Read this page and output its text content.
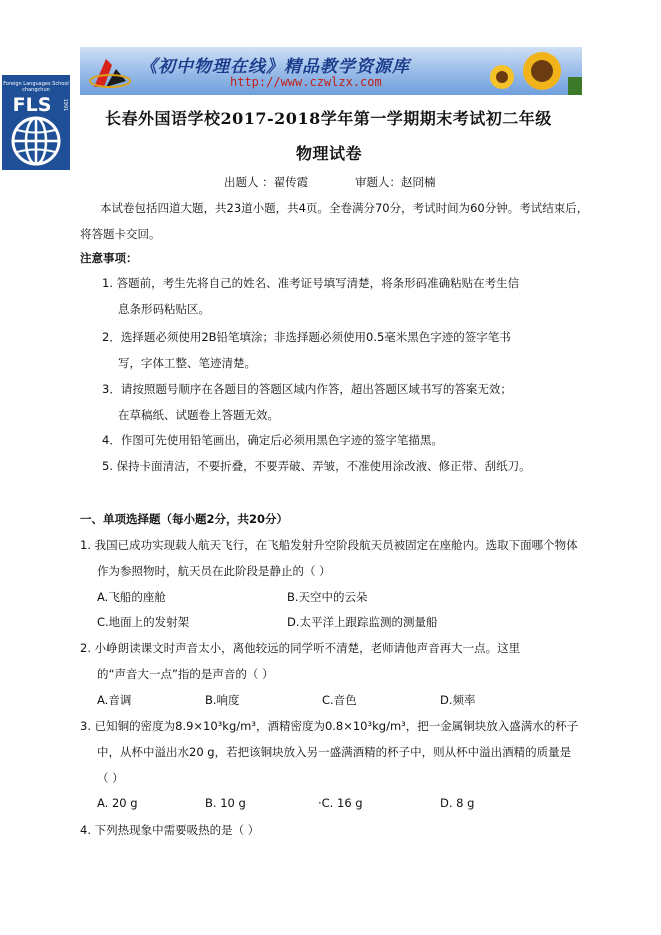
《初中物理在线》精品教学资源库
http://www.czwlzx.com
Foreign Languages School
changchun
FLS 1991
长春外国语学校2017-2018学年第一学期期末考试初二年级
物理试卷
出题人 ：翟传霞	审题人：赵冏楠
本试卷包括四道大题，共23道小题，共4页。全卷满分70分，考试时间为60分钟。考试结束后，
将答题卡交回。
注意事项：
1. 答题前，考生先将自己的姓名、准考证号填写清楚，将条形码准确粘贴在考生信
息条形码粘贴区。
2．选择题必须使用2B铅笔填涂；非选择题必须使用0.5毫米黑色字迹的签字笔书
写，字体工整、笔迹清楚。
3．请按照题号顺序在各题目的答题区域内作答，超出答题区域书写的答案无效；
在草稿纸、试题卷上答题无效。
4．作图可先使用铅笔画出，确定后必须用黑色字迹的签字笔描黑。
5. 保持卡面清洁，不要折叠，不要弄破、弄皱，不准使用涂改液、修正带、刮纸刀。
一、单项选择题（每小题2分，共20分）
1. 我国已成功实现载人航天飞行，在飞船发射升空阶段航天员被固定在座舱内。选取下面哪个物体
作为参照物时，航天员在此阶段是静止的（ ）
A.飞船的座舱	B.天空中的云朵
C.地面上的发射架	D.太平洋上跟踪监测的测量船
2. 小峥朗读课文时声音太小，离他较远的同学听不清楚，老师请他声音再大一点。这里
的“声音大一点”指的是声音的（ ）
A.音调	B.响度	C.音色	D.频率
3. 已知铜的密度为8.9×10³kg/m³，酒精密度为0.8×10³kg/m³，把一金属铜块放入盛满水的杯子
中，从杯中溢出水20 g，若把该铜块放入另一盛满酒精的杯子中，则从杯中溢出酒精的质量是
（ ）
A. 20 g	B. 10 g	·C. 16 g	D. 8 g
4. 下列热现象中需要吸热的是（ ）
